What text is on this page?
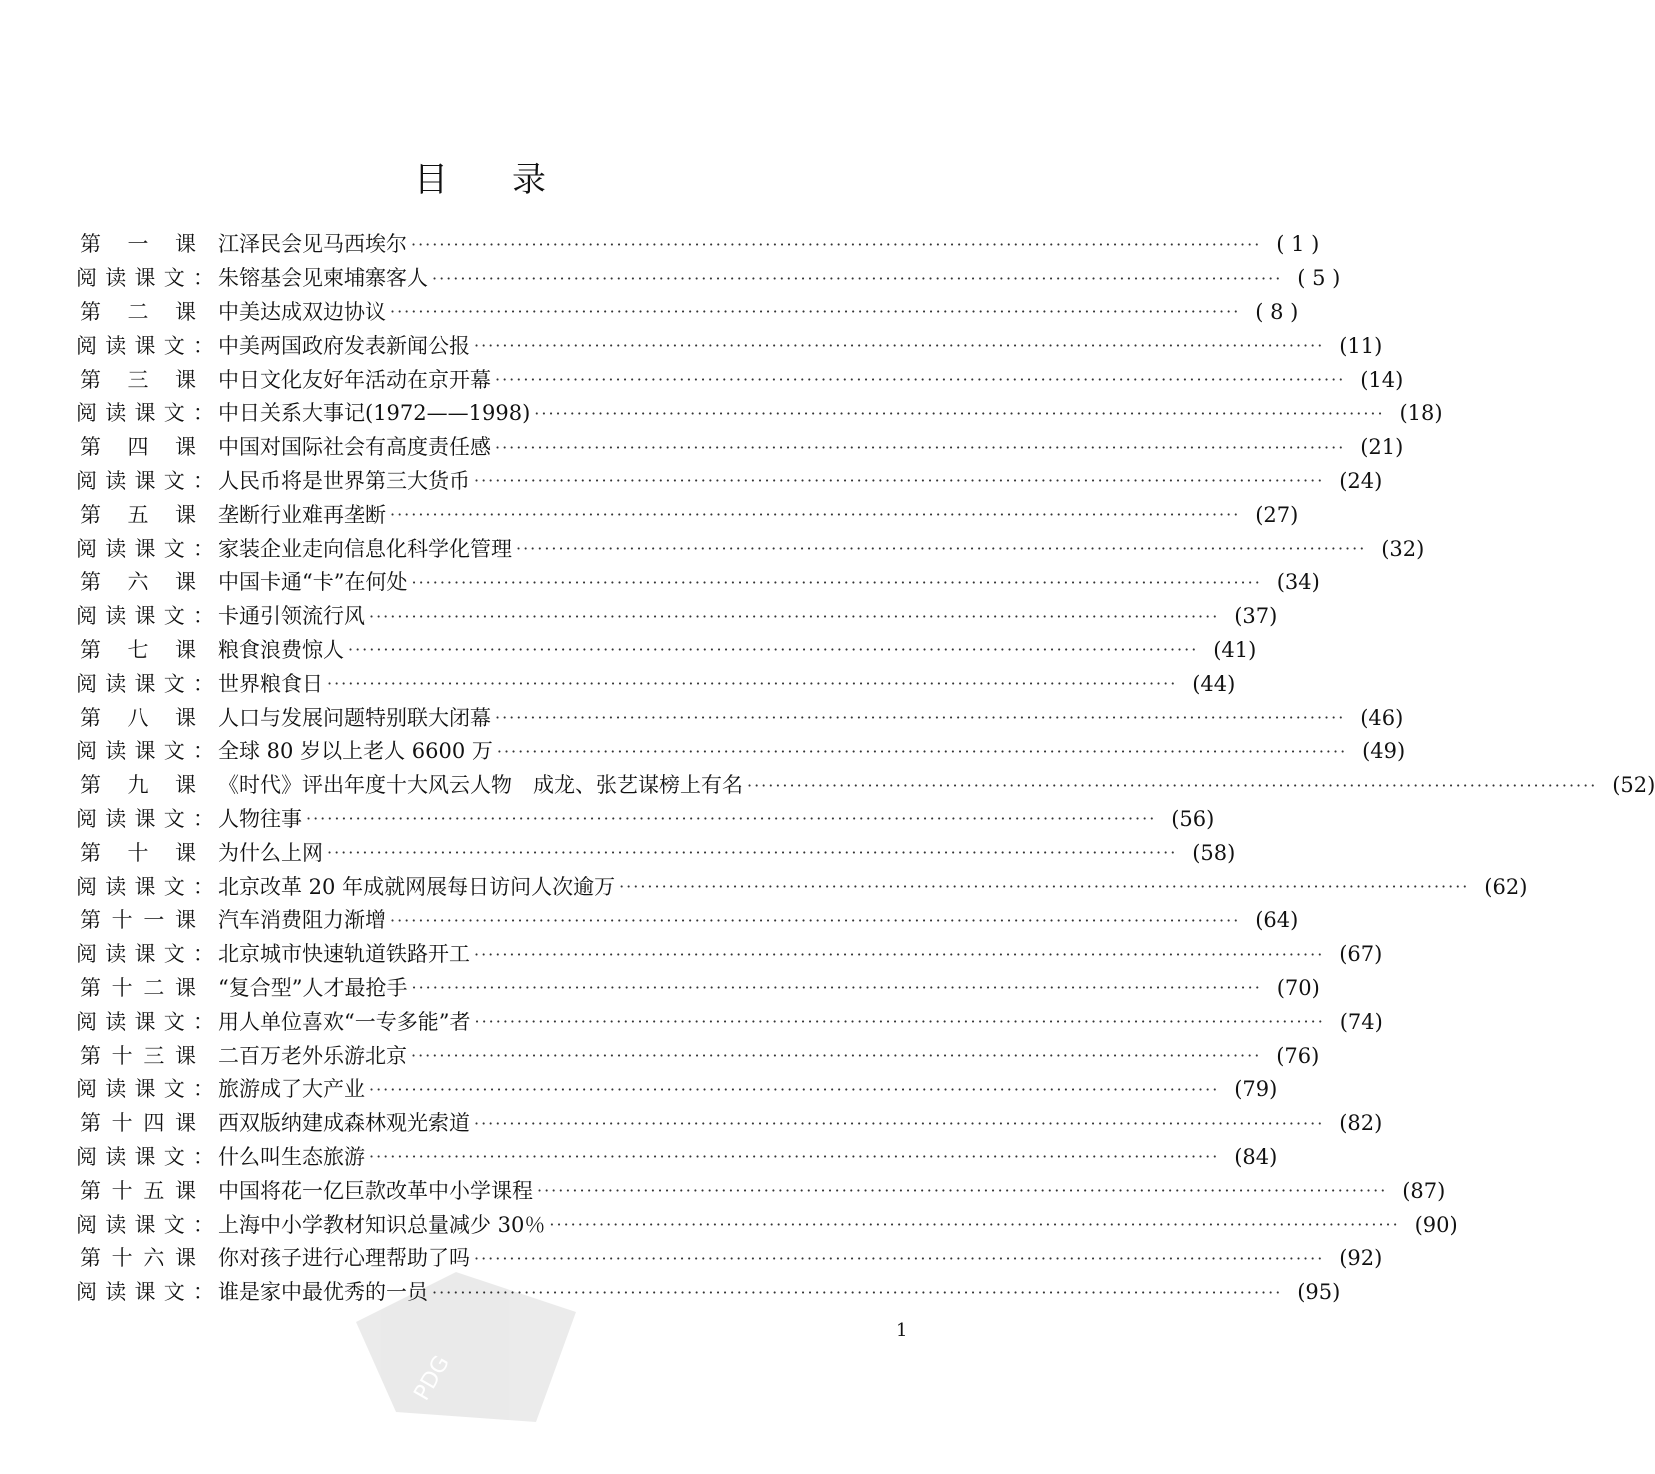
目 录
第 一 课 江泽民会见马西埃尔 ························································································································ ( 1 )
阅 读 课 文 ： 朱镕基会见柬埔寨客人 ························································································································ ( 5 )
第 二 课 中美达成双边协议 ························································································································ ( 8 )
阅 读 课 文 ： 中美两国政府发表新闻公报 ························································································································ (11)
第 三 课 中日文化友好年活动在京开幕 ························································································································ (14)
阅 读 课 文 ： 中日关系大事记(1972——1998) ························································································································ (18)
第 四 课 中国对国际社会有高度责任感 ························································································································ (21)
阅 读 课 文 ： 人民币将是世界第三大货币 ························································································································ (24)
第 五 课 垄断行业难再垄断 ························································································································ (27)
阅 读 课 文 ： 家装企业走向信息化科学化管理 ························································································································ (32)
第 六 课 中国卡通“卡”在何处 ························································································································ (34)
阅 读 课 文 ： 卡通引领流行风 ························································································································ (37)
第 七 课 粮食浪费惊人 ························································································································ (41)
阅 读 课 文 ： 世界粮食日 ························································································································ (44)
第 八 课 人口与发展问题特别联大闭幕 ························································································································ (46)
阅 读 课 文 ： 全球 80 岁以上老人 6600 万 ························································································································ (49)
第 九 课 《时代》评出年度十大风云人物　成龙、张艺谋榜上有名 ························································································································ (52)
阅 读 课 文 ： 人物往事 ························································································································ (56)
第 十 课 为什么上网 ························································································································ (58)
阅 读 课 文 ： 北京改革 20 年成就网展每日访问人次逾万 ························································································································ (62)
第 十 一 课 汽车消费阻力渐增 ························································································································ (64)
阅 读 课 文 ： 北京城市快速轨道铁路开工 ························································································································ (67)
第 十 二 课 “复合型”人才最抢手 ························································································································ (70)
阅 读 课 文 ： 用人单位喜欢“一专多能”者 ························································································································ (74)
第 十 三 课 二百万老外乐游北京 ························································································································ (76)
阅 读 课 文 ： 旅游成了大产业 ························································································································ (79)
第 十 四 课 西双版纳建成森林观光索道 ························································································································ (82)
阅 读 课 文 ： 什么叫生态旅游 ························································································································ (84)
第 十 五 课 中国将花一亿巨款改革中小学课程 ························································································································ (87)
阅 读 课 文 ： 上海中小学教材知识总量减少 30％ ························································································································ (90)
第 十 六 课 你对孩子进行心理帮助了吗 ························································································································ (92)
阅 读 课 文 ： 谁是家中最优秀的一员 ························································································································ (95)
1
PDG
